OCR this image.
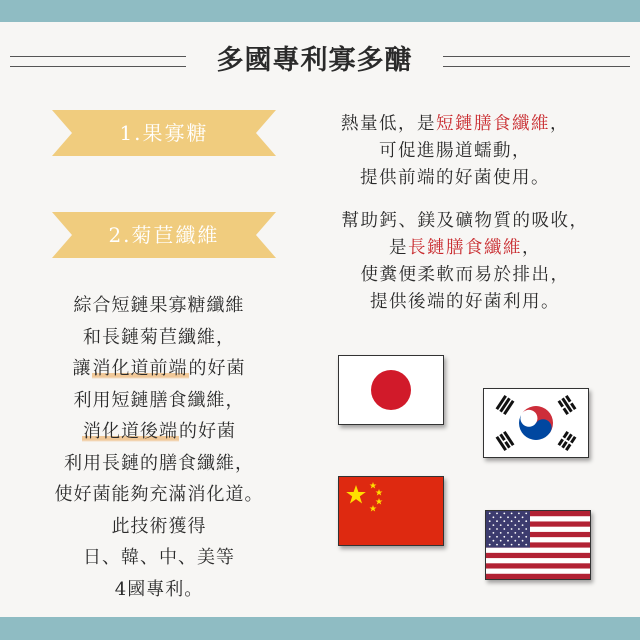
多國專利寡多醣
1.果寡糖	熱量低，是短鏈膳食纖維，
可促進腸道蠕動，
提供前端的好菌使用。
2.菊苣纖維
幫助鈣、鎂及礦物質的吸收，
是長鏈膳食纖維，
使糞便柔軟而易於排出，
提供後端的好菌利用。
綜合短鏈果寡糖纖維
和長鏈菊苣纖維，
讓消化道前端的好菌
利用短鏈膳食纖維，
消化道後端的好菌
利用長鏈的膳食纖維，
使好菌能夠充滿消化道。
此技術獲得
日、韓、中、美等
4國專利。
